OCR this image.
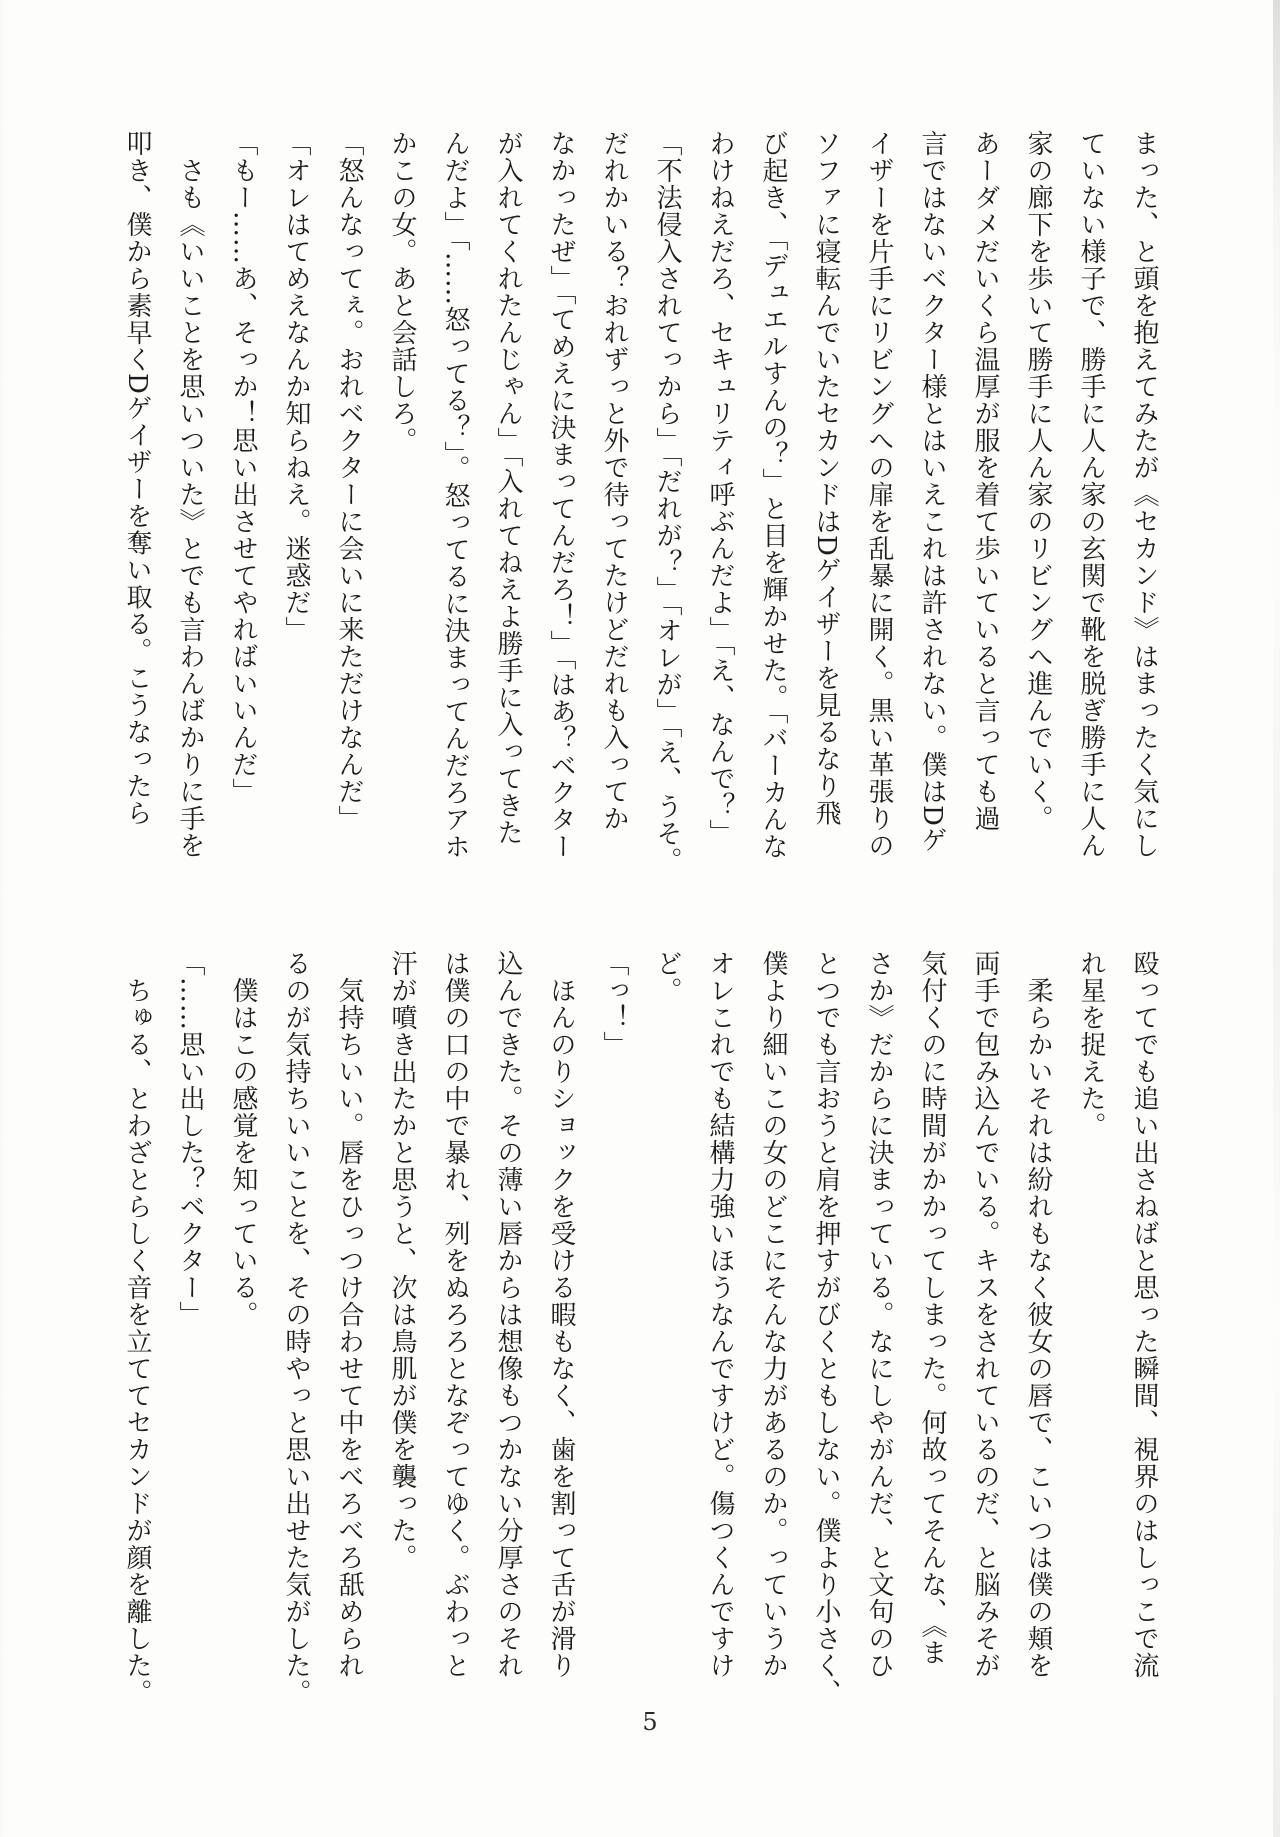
まった、と頭を抱えてみたが《セカンド》はまったく気にし

ていない様子で、勝手に人ん家の玄関で靴を脱ぎ勝手に人ん

家の廊下を歩いて勝手に人ん家のリビングへ進んでいく。

あーダメだいくら温厚が服を着て歩いていると言っても過

言ではないベクター様とはいえこれは許されない。僕はDゲ

イザーを片手にリビングへの扉を乱暴に開く。黒い革張りの

ソファに寝転んでいたセカンドはDゲイザーを見るなり飛

び起き、「デュエルすんの？」と目を輝かせた。「バーカんな

わけねえだろ、セキュリティ呼ぶんだよ」「え、なんで？」

「不法侵入されてっから」「だれが？」「オレが」「え、うそ。

だれかいる？おれずっと外で待ってたけどだれも入ってか

なかったぜ」「てめえに決まってんだろ！」「はあ？ベクター

が入れてくれたんじゃん」「入れてねえよ勝手に入ってきた

んだよ」「……怒ってる？」。怒ってるに決まってんだろアホ

かこの女。あと会話しろ。

「怒んなってぇ。おれベクターに会いに来ただけなんだ」

「オレはてめえなんか知らねえ。迷惑だ」

「もー……あ、そっか！思い出させてやればいいんだ」

　さも《いいことを思いついた》とでも言わんばかりに手を

叩き、僕から素早くDゲイザーを奪い取る。こうなったら

殴ってでも追い出さねばと思った瞬間、視界のはしっこで流

れ星を捉えた。

　柔らかいそれは紛れもなく彼女の唇で、こいつは僕の頬を

両手で包み込んでいる。キスをされているのだ、と脳みそが

気付くのに時間がかかってしまった。何故ってそんな、《ま

さか》だからに決まっている。なにしやがんだ、と文句のひ

とつでも言おうと肩を押すがびくともしない。僕より小さく、

僕より細いこの女のどこにそんな力があるのか。っていうか

オレこれでも結構力強いほうなんですけど。傷つくんですけ

ど。

「っ！」

　ほんのりショックを受ける暇もなく、歯を割って舌が滑り

込んできた。その薄い唇からは想像もつかない分厚さのそれ

は僕の口の中で暴れ、列をぬろろとなぞってゆく。ぶわっと

汗が噴き出たかと思うと、次は鳥肌が僕を襲った。

　気持ちいい。唇をひっつけ合わせて中をべろべろ舐められ

るのが気持ちいいことを、その時やっと思い出せた気がした。

　僕はこの感覚を知っている。

「……思い出した？ベクター」

　ちゅる、とわざとらしく音を立ててセカンドが顔を離した。

5
